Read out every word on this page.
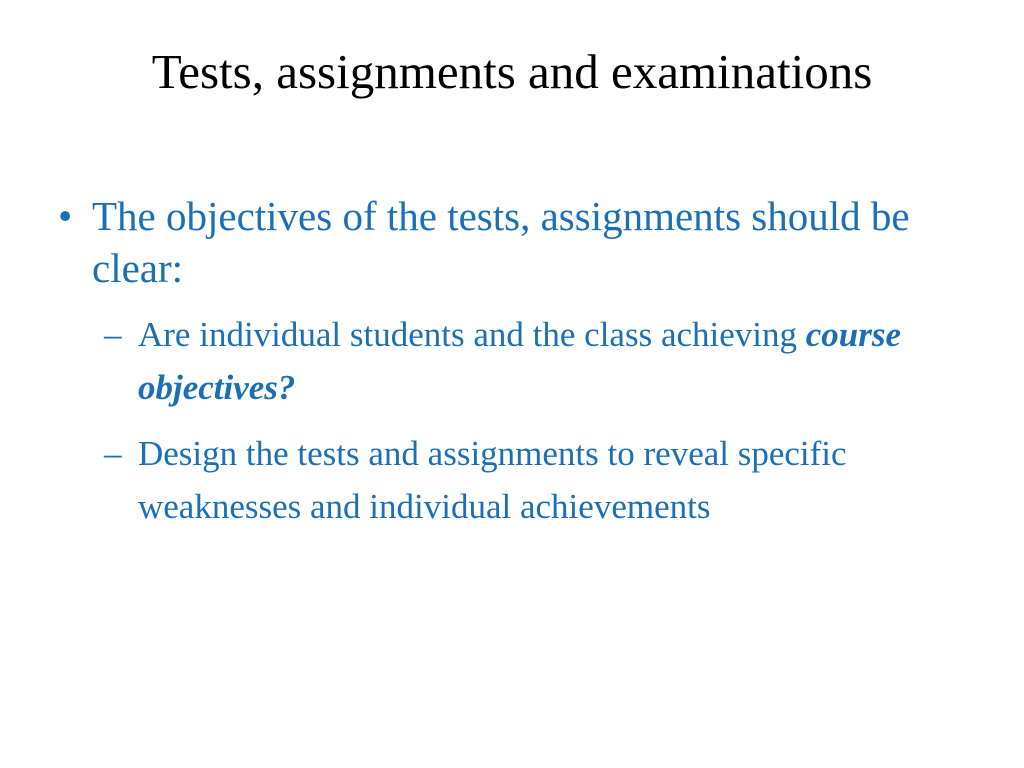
Tests, assignments and examinations
• The objectives of the tests, assignments should be clear:
– Are individual students and the class achieving course objectives?
– Design the tests and assignments to reveal specific weaknesses and individual achievements
